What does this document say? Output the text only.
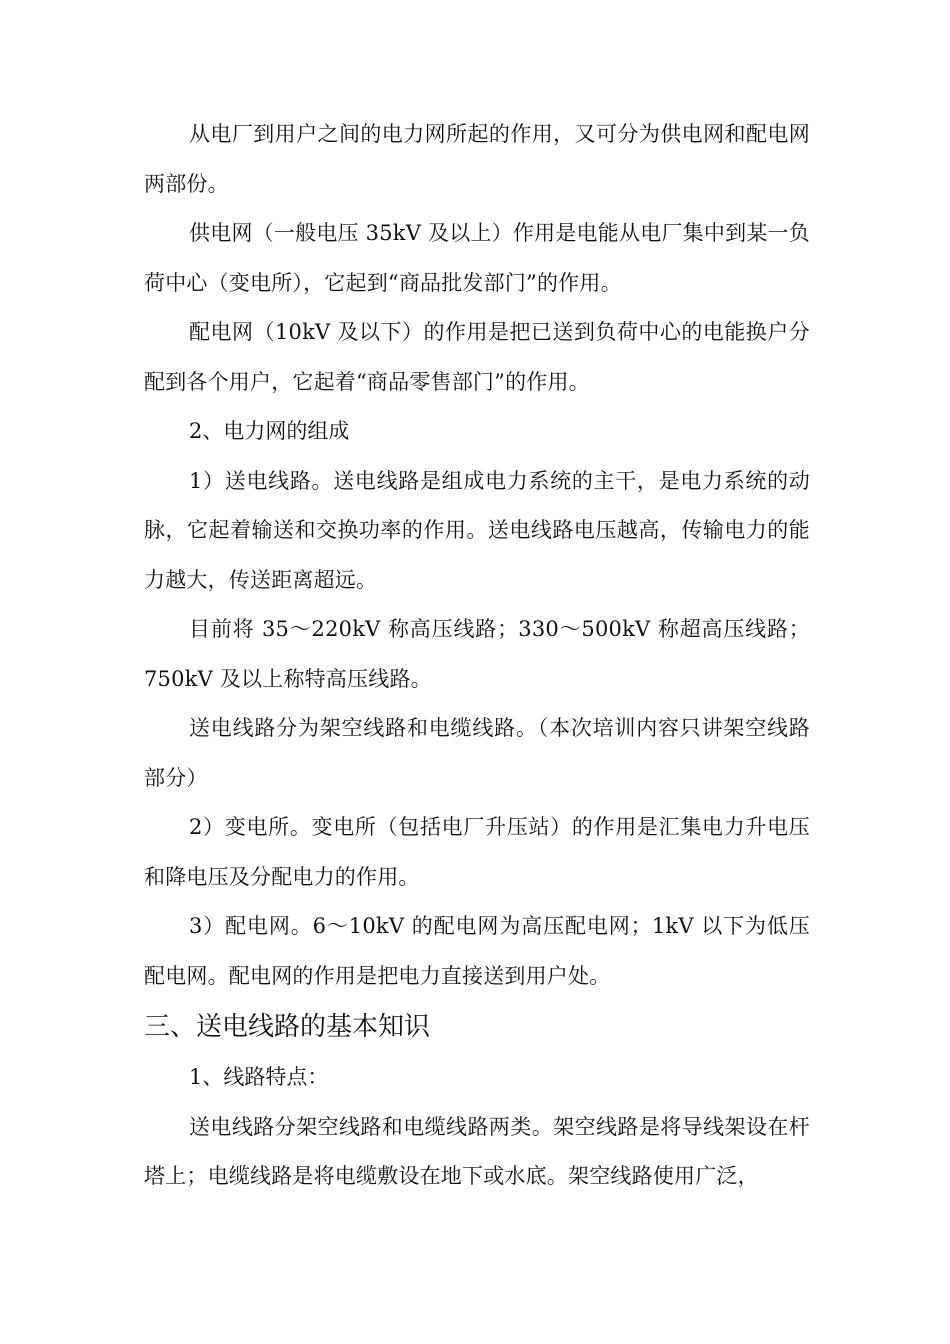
从电厂到用户之间的电力网所起的作用，又可分为供电网和配电网两部份。

供电网（一般电压 35kV 及以上）作用是电能从电厂集中到某一负荷中心（变电所），它起到“商品批发部门”的作用。

配电网（10kV 及以下）的作用是把已送到负荷中心的电能换户分配到各个用户，它起着“商品零售部门”的作用。

2、电力网的组成

1）送电线路。送电线路是组成电力系统的主干，是电力系统的动脉，它起着输送和交换功率的作用。送电线路电压越高，传输电力的能力越大，传送距离超远。

目前将 35～220kV 称高压线路；330～500kV 称超高压线路；750kV 及以上称特高压线路。

送电线路分为架空线路和电缆线路。（本次培训内容只讲架空线路部分）

2）变电所。变电所（包括电厂升压站）的作用是汇集电力升电压和降电压及分配电力的作用。

3）配电网。6～10kV 的配电网为高压配电网；1kV 以下为低压配电网。配电网的作用是把电力直接送到用户处。

三、送电线路的基本知识

1、线路特点：

送电线路分架空线路和电缆线路两类。架空线路是将导线架设在杆塔上；电缆线路是将电缆敷设在地下或水底。架空线路使用广泛，
